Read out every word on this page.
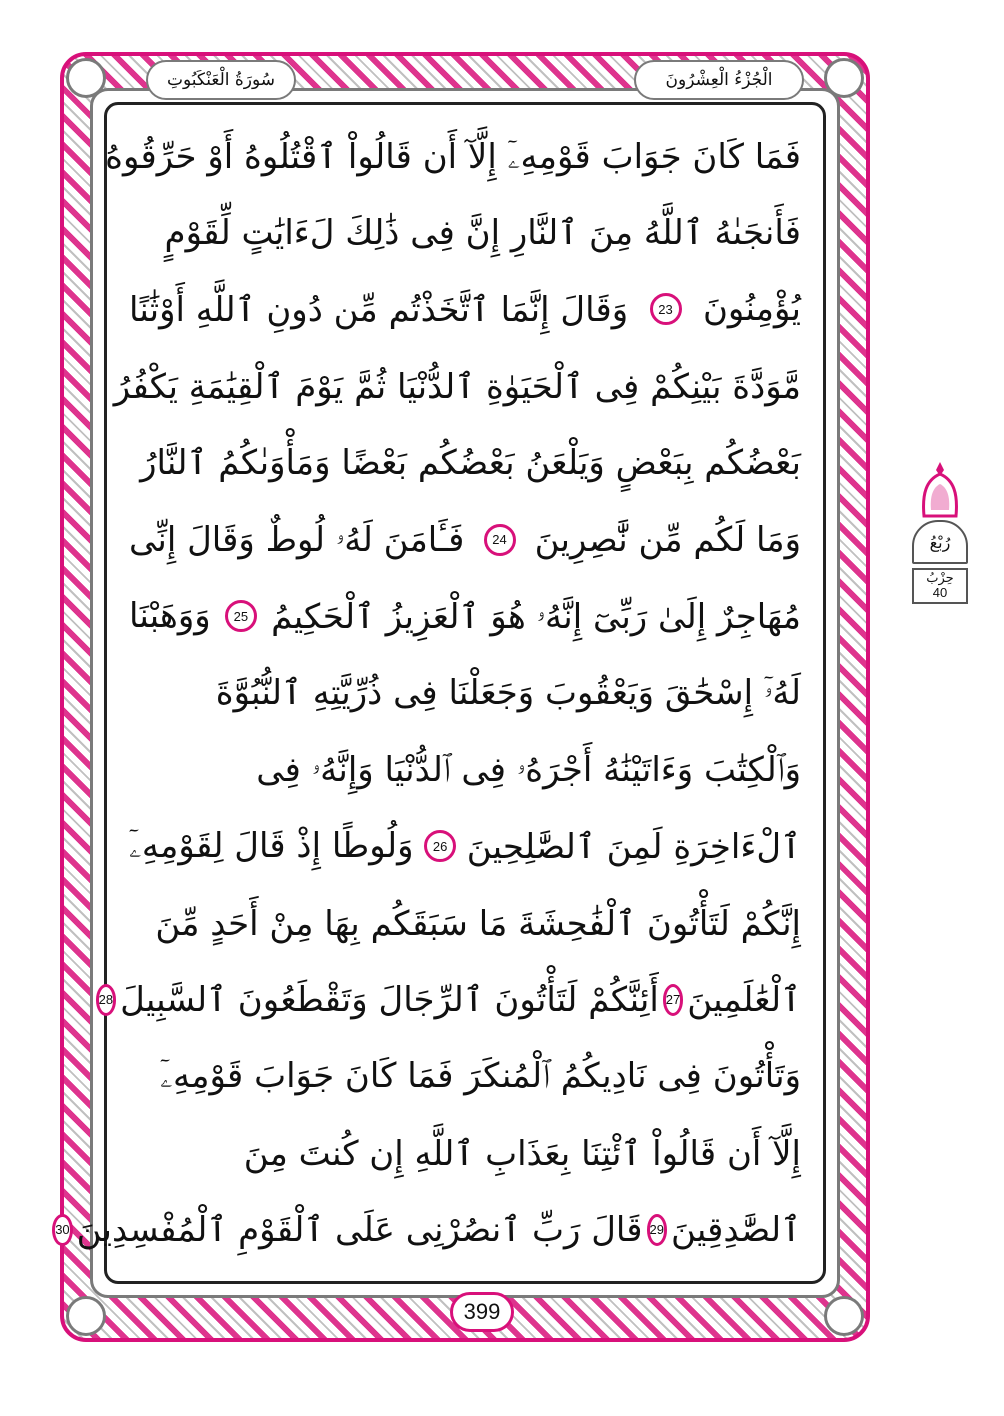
الْجُزْءُ الْعِشْرُونَ
سُورَةُ الْعَنْكَبُوتِ
فَمَا كَانَ جَوَابَ قَوْمِهِۦٓ إِلَّآ أَن قَالُواْ ٱقْتُلُوهُ أَوْ حَرِّقُوهُ
فَأَنجَىٰهُ ٱللَّهُ مِنَ ٱلنَّارِ إِنَّ فِى ذَٰلِكَ لَءَايَٰتٍ لِّقَوْمٍ
يُؤْمِنُونَ
23
وَقَالَ إِنَّمَا ٱتَّخَذْتُم مِّن دُونِ ٱللَّهِ أَوْثَٰنًا
مَّوَدَّةَ بَيْنِكُمْ فِى ٱلْحَيَوٰةِ ٱلدُّنْيَا ثُمَّ يَوْمَ ٱلْقِيَٰمَةِ يَكْفُرُ
بَعْضُكُم بِبَعْضٍ وَيَلْعَنُ بَعْضُكُم بَعْضًا وَمَأْوَىٰكُمُ ٱلنَّارُ
وَمَا لَكُم مِّن نَّٰصِرِينَ
24
فَـَٔامَنَ لَهُۥ لُوطٌ وَقَالَ إِنِّى
مُهَاجِرٌ إِلَىٰ رَبِّىٓ إِنَّهُۥ هُوَ ٱلْعَزِيزُ ٱلْحَكِيمُ
25
وَوَهَبْنَا
لَهُۥٓ إِسْحَٰقَ وَيَعْقُوبَ وَجَعَلْنَا فِى ذُرِّيَّتِهِ ٱلنُّبُوَّةَ
وَٱلْكِتَٰبَ وَءَاتَيْنَٰهُ أَجْرَهُۥ فِى ٱلدُّنْيَا وَإِنَّهُۥ فِى
ٱلْءَاخِرَةِ لَمِنَ ٱلصَّٰلِحِينَ
26
وَلُوطًا إِذْ قَالَ لِقَوْمِهِۦٓ
إِنَّكُمْ لَتَأْتُونَ ٱلْفَٰحِشَةَ مَا سَبَقَكُم بِهَا مِنْ أَحَدٍ مِّنَ
ٱلْعَٰلَمِينَ
27
أَئِنَّكُمْ لَتَأْتُونَ ٱلرِّجَالَ وَتَقْطَعُونَ ٱلسَّبِيلَ
28
وَتَأْتُونَ فِى نَادِيكُمُ ٱلْمُنكَرَ فَمَا كَانَ جَوَابَ قَوْمِهِۦٓ
إِلَّآ أَن قَالُواْ ٱئْتِنَا بِعَذَابِ ٱللَّهِ إِن كُنتَ مِنَ
ٱلصَّٰدِقِينَ
29
قَالَ رَبِّ ٱنصُرْنِى عَلَى ٱلْقَوْمِ ٱلْمُفْسِدِينَ
30
399
رُبْعُ
حِزْبُ
40
